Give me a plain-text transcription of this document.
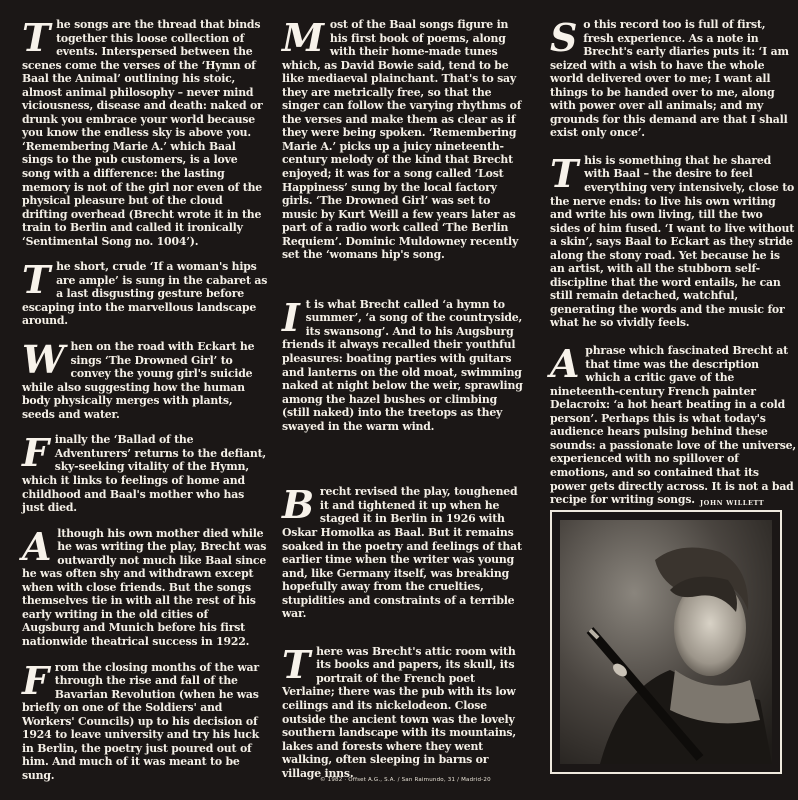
The songs are the thread that binds together this loose collection of events. Interspersed between the scenes come the verses of the ‘Hymn of Baal the Animal’ outlining his stoic, almost animal philosophy – never mind viciousness, disease and death: naked or drunk you embrace your world because you know the endless sky is above you. ‘Remembering Marie A.’ which Baal sings to the pub customers, is a love song with a difference: the lasting memory is not of the girl nor even of the physical pleasure but of the cloud drifting overhead (Brecht wrote it in the train to Berlin and called it ironically ‘Sentimental Song no. 1004’).

The short, crude ‘If a woman's hips are ample’ is sung in the cabaret as a last disgusting gesture before escaping into the marvellous landscape around.

When on the road with Eckart he sings ‘The Drowned Girl’ to convey the young girl's suicide while also suggesting how the human body physically merges with plants, seeds and water.

Finally the ‘Ballad of the Adventurers’ returns to the defiant, sky-seeking vitality of the Hymn, which it links to feelings of home and childhood and Baal's mother who has just died.

Although his own mother died while he was writing the play, Brecht was outwardly not much like Baal since he was often shy and withdrawn except when with close friends. But the songs themselves tie in with all the rest of his early writing in the old cities of Augsburg and Munich before his first nationwide theatrical success in 1922.

From the closing months of the war through the rise and fall of the Bavarian Revolution (when he was briefly on one of the Soldiers' and Workers' Councils) up to his decision of 1924 to leave university and try his luck in Berlin, the poetry just poured out of him. And much of it was meant to be sung.

Most of the Baal songs figure in his first book of poems, along with their home-made tunes which, as David Bowie said, tend to be like mediaeval plainchant. That's to say they are metrically free, so that the singer can follow the varying rhythms of the verses and make them as clear as if they were being spoken. ‘Remembering Marie A.’ picks up a juicy nineteenth-century melody of the kind that Brecht enjoyed; it was for a song called ‘Lost Happiness’ sung by the local factory girls. ‘The Drowned Girl’ was set to music by Kurt Weill a few years later as part of a radio work called ‘The Berlin Requiem’. Dominic Muldowney recently set the ‘womans hip's song.

It is what Brecht called ‘a hymn to summer’, ‘a song of the countryside, its swansong’. And to his Augsburg friends it always recalled their youthful pleasures: boating parties with guitars and lanterns on the old moat, swimming naked at night below the weir, sprawling among the hazel bushes or climbing (still naked) into the treetops as they swayed in the warm wind.

Brecht revised the play, toughened it and tightened it up when he staged it in Berlin in 1926 with Oskar Homolka as Baal. But it remains soaked in the poetry and feelings of that earlier time when the writer was young and, like Germany itself, was breaking hopefully away from the cruelties, stupidities and constraints of a terrible war.

There was Brecht's attic room with its books and papers, its skull, its portrait of the French poet Verlaine; there was the pub with its low ceilings and its nickelodeon. Close outside the ancient town was the lovely southern landscape with its mountains, lakes and forests where they went walking, often sleeping in barns or village inns.

So this record too is full of first, fresh experience. As a note in Brecht's early diaries puts it: ‘I am seized with a wish to have the whole world delivered over to me; I want all things to be handed over to me, along with power over all animals; and my grounds for this demand are that I shall exist only once’.

This is something that he shared with Baal – the desire to feel everything very intensively, close to the nerve ends: to live his own writing and write his own living, till the two sides of him fused. ‘I want to live without a skin’, says Baal to Eckart as they stride along the stony road. Yet because he is an artist, with all the stubborn self-discipline that the word entails, he can still remain detached, watchful, generating the words and the music for what he so vividly feels.

A phrase which fascinated Brecht at that time was the description which a critic gave of the nineteenth-century French painter Delacroix: ‘a hot heart beating in a cold person’. Perhaps this is what today's audience hears pulsing behind these sounds: a passionate love of the universe, experienced with no spillover of emotions, and so contained that its power gets directly across. It is not a bad recipe for writing songs. JOHN WILLETT
© 1982 · Offset A.G., S.A. / San Raimundo, 31 / Madrid-20
